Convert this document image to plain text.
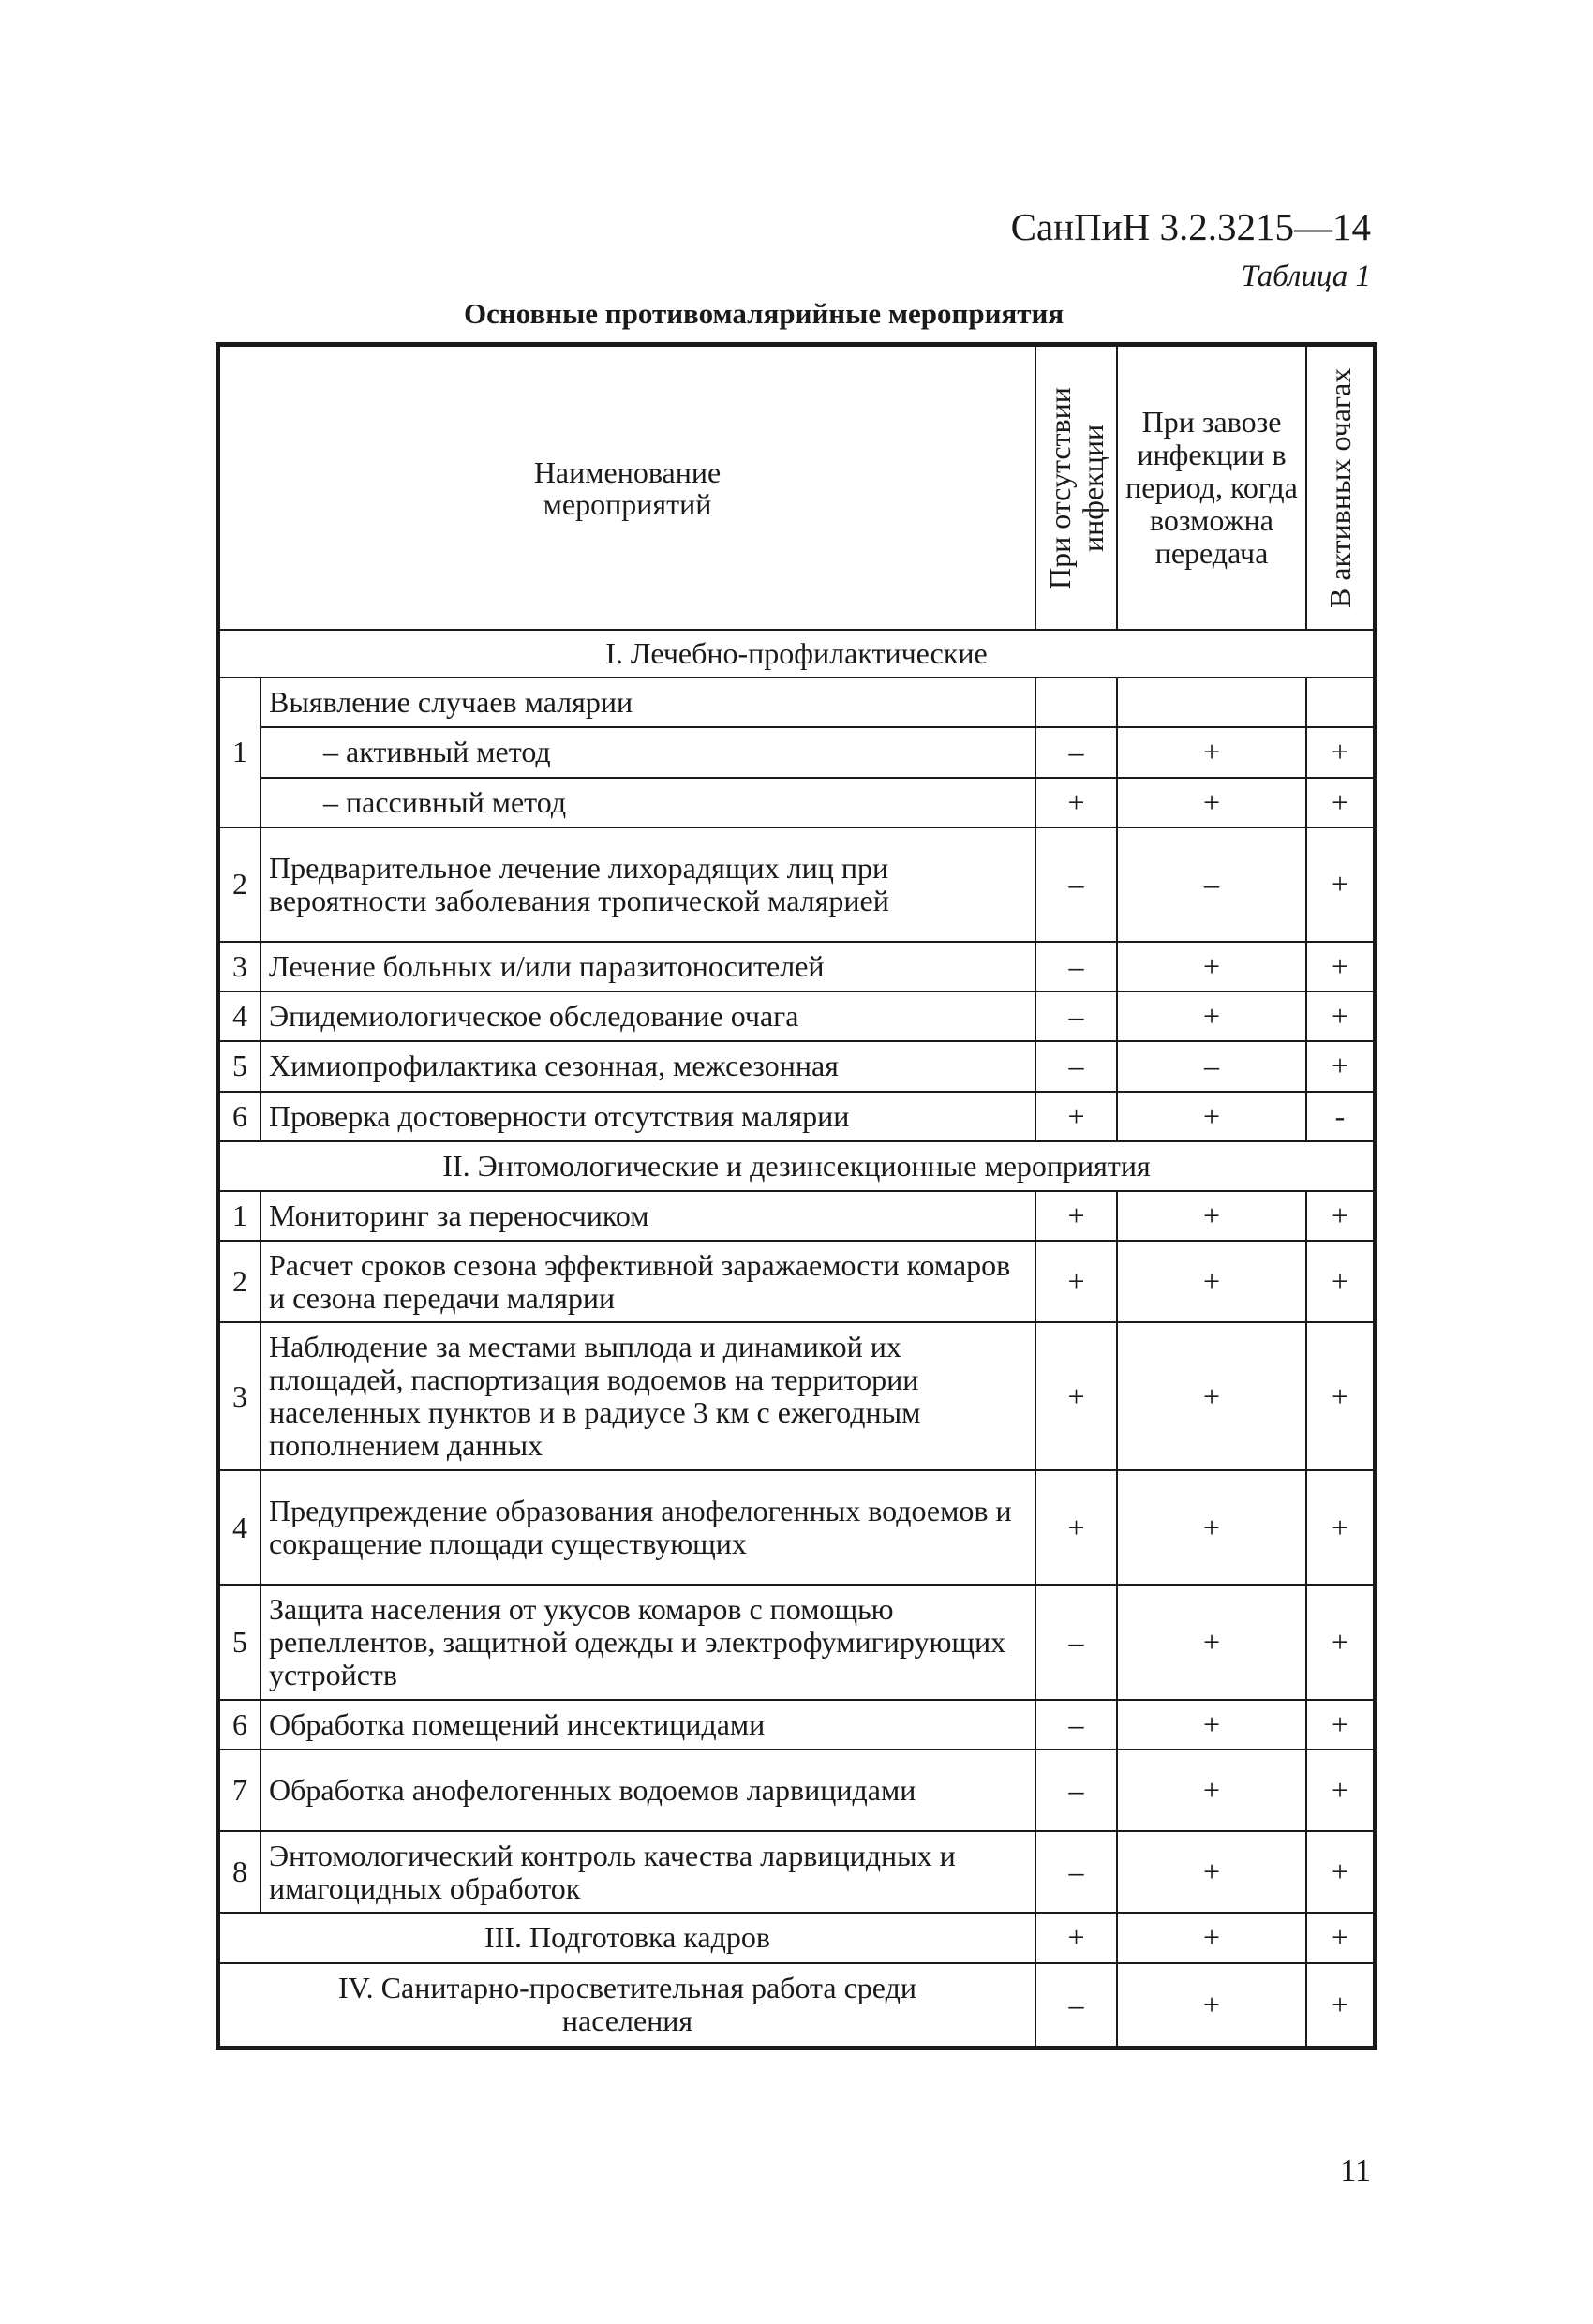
СанПиН 3.2.3215—14
Таблица 1
Основные противомалярийные мероприятия
Наименование мероприятий		При отсутствии инфекции	При завозе инфекции в период, когда возможна передача	В активных очагах

I. Лечебно-профилактические				
1	Выявление случаев малярии			
	– активный метод	–	+	+
	– пассивный метод	+	+	+
2	Предварительное лечение лихорадящих лиц при вероятности заболевания тропической малярией	–	–	+
3	Лечение больных и/или паразитоносителей	–	+	+
4	Эпидемиологическое обследование очага	–	+	+
5	Химиопрофилактика сезонная, межсезонная	–	–	+
6	Проверка достоверности отсутствия малярии	+	+	-
II. Энтомологические и дезинсекционные мероприятия				
1	Мониторинг за переносчиком	+	+	+
2	Расчет сроков сезона эффективной заражаемости комаров и сезона передачи малярии	+	+	+
3	Наблюдение за местами выплода и динамикой их площадей, паспортизация водоемов на территории населенных пунктов и в радиусе 3 км с ежегодным пополнением данных	+	+	+
4	Предупреждение образования анофелогенных водоемов и сокращение площади существующих	+	+	+
5	Защита населения от укусов комаров с помощью репеллентов, защитной одежды и электрофумигирующих устройств	–	+	+
6	Обработка помещений инсектицидами	–	+	+
7	Обработка анофелогенных водоемов ларвицидами	–	+	+
8	Энтомологический контроль качества ларвицидных и имагоцидных обработок	–	+	+
III. Подготовка кадров		+	+	+
IV. Санитарно-просветительная работа среди населения		–	+	+
11
